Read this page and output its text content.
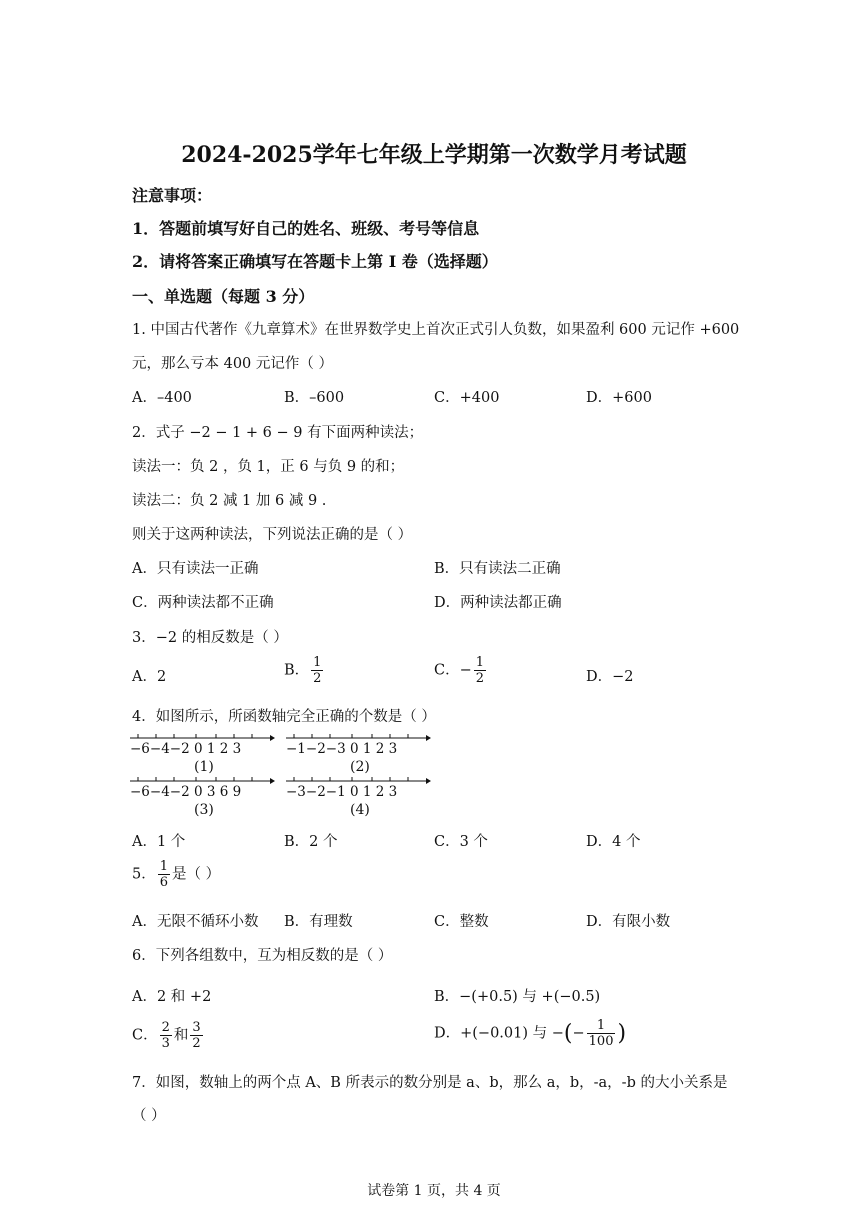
2024-2025学年七年级上学期第一次数学月考试题
注意事项：
1．答题前填写好自己的姓名、班级、考号等信息
2．请将答案正确填写在答题卡上第 I 卷（选择题）
一、单选题（每题 3 分）
1. 中国古代著作《九章算术》在世界数学史上首次正式引人负数，如果盈利 600 元记作 +600
元，那么亏本 400 元记作（ ）
A．–400	B．–600	C．+400	D．+600
2．式子 −2 − 1 + 6 − 9 有下面两种读法；
读法一：负 2 ，负 1，正 6 与负 9 的和；
读法二：负 2 减 1 加 6 减 9 .
则关于这两种读法，下列说法正确的是（ ）
A．只有读法一正确	B．只有读法二正确
C．两种读法都不正确	D．两种读法都正确
3．−2 的相反数是（ ）
A．2	B． $\frac{1}{2}$	C．− $\frac{1}{2}$	D．−2
4．如图所示，所函数轴完全正确的个数是（ ）
−6−4−2 0 1 2 3
(1)
−1−2−3 0 1 2 3
(2)
−6−4−2 0 3 6 9
(3)
−3−2−1 0 1 2 3
(4)
A．1 个	B．2 个	C．3 个	D．4 个
5． $\frac{1}{6}$ 是（ ）
A．无限不循环小数 B．有理数	C．整数	D．有限小数
6．下列各组数中，互为相反数的是（ ）
A．2 和 +2	B．−(+0.5) 与 +(−0.5)
C． $\frac{2}{3}$ 和 $\frac{3}{2}$	D．+(−0.01) 与 −(− $\frac{1}{100}$ )
7．如图，数轴上的两个点 A、B 所表示的数分别是 a、b，那么 a，b，-a，-b 的大小关系是
（ ）
试卷第 1 页，共 4 页
